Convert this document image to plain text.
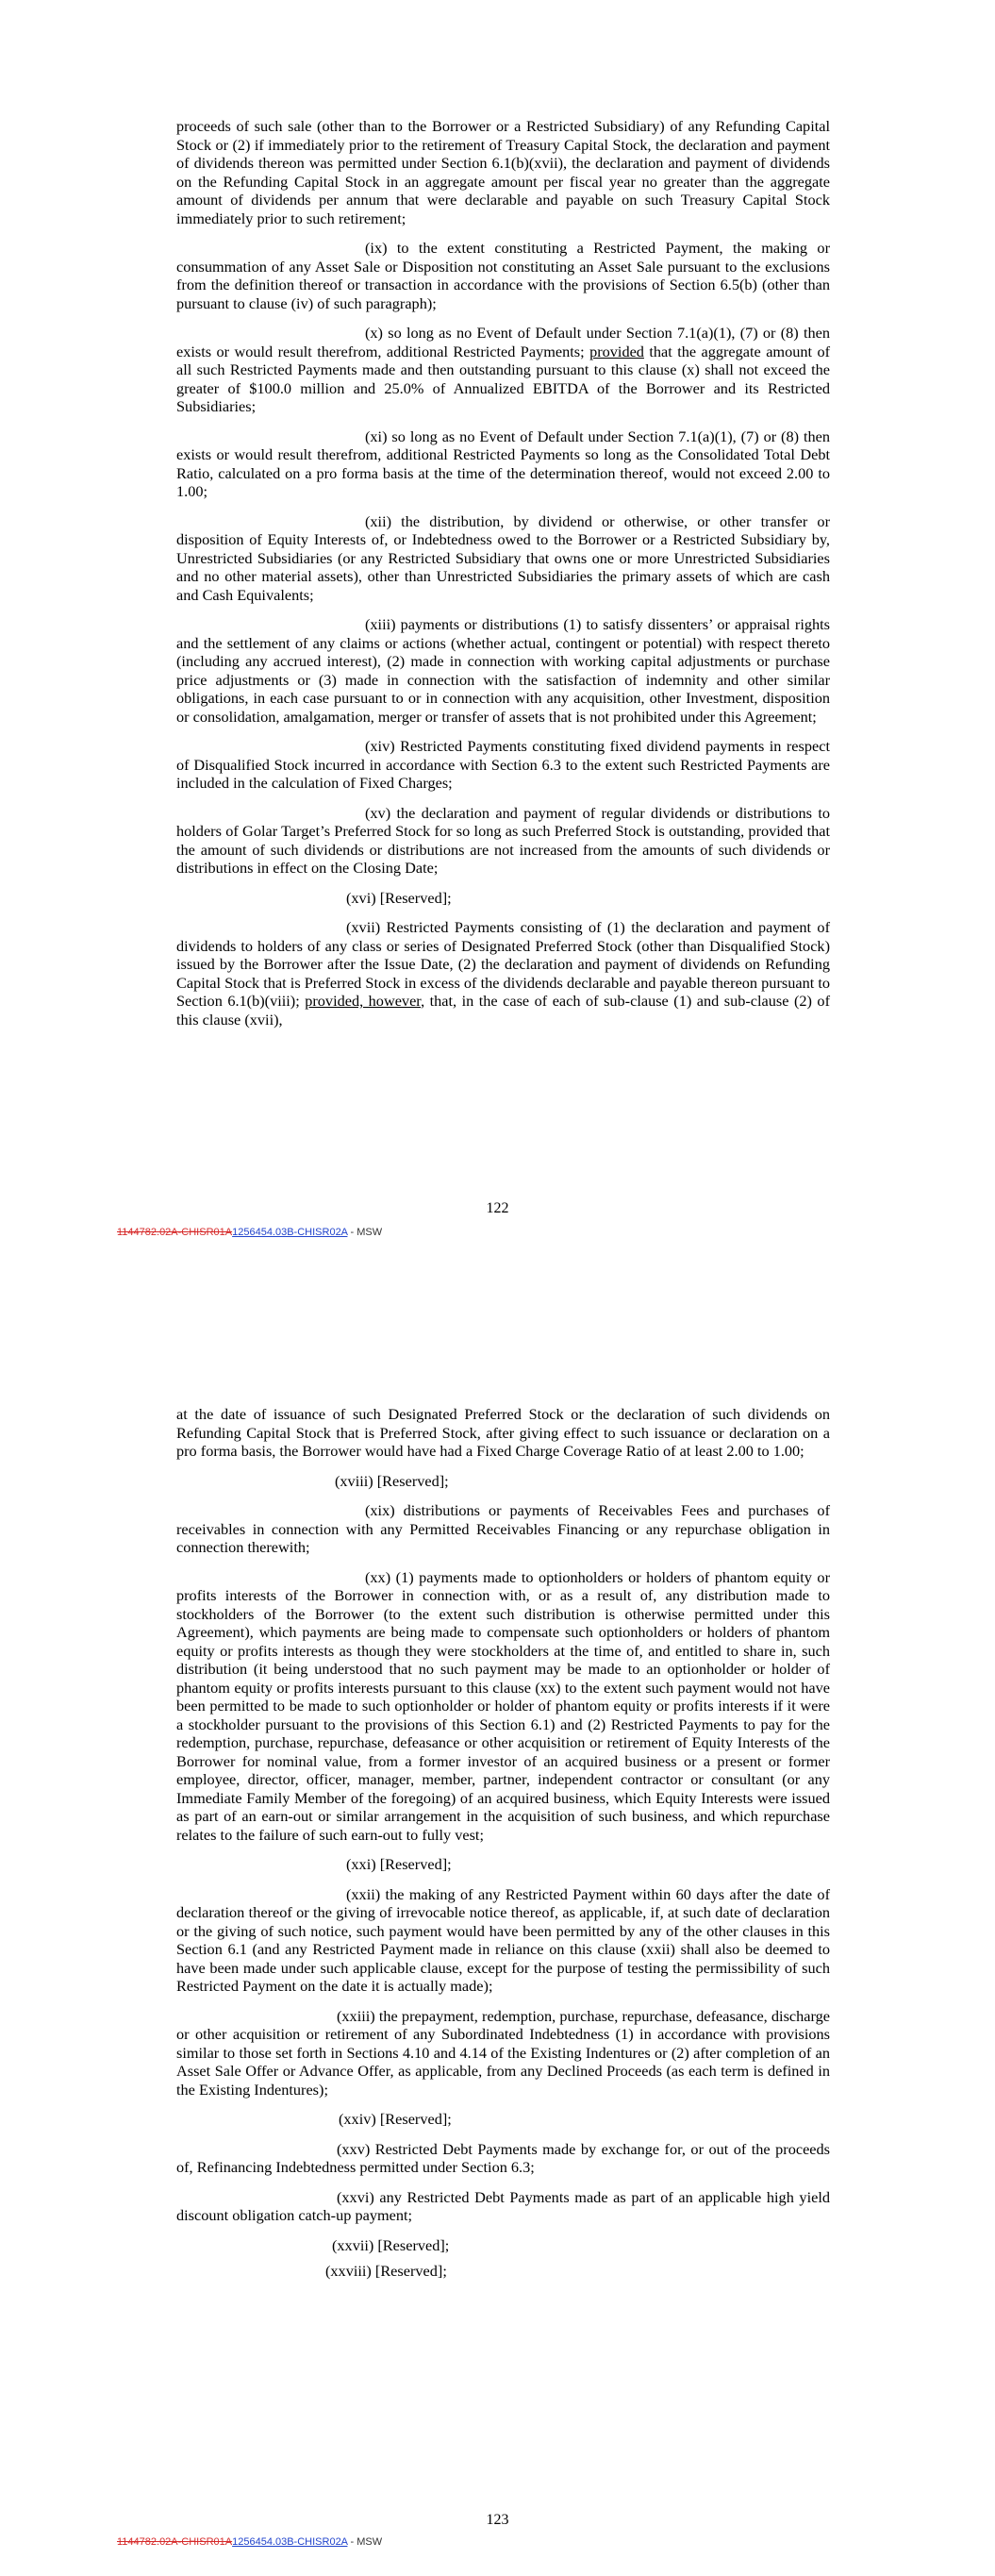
proceeds of such sale (other than to the Borrower or a Restricted Subsidiary) of any Refunding Capital Stock or (2) if immediately prior to the retirement of Treasury Capital Stock, the declaration and payment of dividends thereon was permitted under Section 6.1(b)(xvii), the declaration and payment of dividends on the Refunding Capital Stock in an aggregate amount per fiscal year no greater than the aggregate amount of dividends per annum that were declarable and payable on such Treasury Capital Stock immediately prior to such retirement;

(ix) to the extent constituting a Restricted Payment, the making or consummation of any Asset Sale or Disposition not constituting an Asset Sale pursuant to the exclusions from the definition thereof or transaction in accordance with the provisions of Section 6.5(b) (other than pursuant to clause (iv) of such paragraph);

(x) so long as no Event of Default under Section 7.1(a)(1), (7) or (8) then exists or would result therefrom, additional Restricted Payments; provided that the aggregate amount of all such Restricted Payments made and then outstanding pursuant to this clause (x) shall not exceed the greater of $100.0 million and 25.0% of Annualized EBITDA of the Borrower and its Restricted Subsidiaries;

(xi) so long as no Event of Default under Section 7.1(a)(1), (7) or (8) then exists or would result therefrom, additional Restricted Payments so long as the Consolidated Total Debt Ratio, calculated on a pro forma basis at the time of the determination thereof, would not exceed 2.00 to 1.00;

(xii) the distribution, by dividend or otherwise, or other transfer or disposition of Equity Interests of, or Indebtedness owed to the Borrower or a Restricted Subsidiary by, Unrestricted Subsidiaries (or any Restricted Subsidiary that owns one or more Unrestricted Subsidiaries and no other material assets), other than Unrestricted Subsidiaries the primary assets of which are cash and Cash Equivalents;

(xiii) payments or distributions (1) to satisfy dissenters’ or appraisal rights and the settlement of any claims or actions (whether actual, contingent or potential) with respect thereto (including any accrued interest), (2) made in connection with working capital adjustments or purchase price adjustments or (3) made in connection with the satisfaction of indemnity and other similar obligations, in each case pursuant to or in connection with any acquisition, other Investment, disposition or consolidation, amalgamation, merger or transfer of assets that is not prohibited under this Agreement;

(xiv) Restricted Payments constituting fixed dividend payments in respect of Disqualified Stock incurred in accordance with Section 6.3 to the extent such Restricted Payments are included in the calculation of Fixed Charges;

(xv) the declaration and payment of regular dividends or distributions to holders of Golar Target’s Preferred Stock for so long as such Preferred Stock is outstanding, provided that the amount of such dividends or distributions are not increased from the amounts of such dividends or distributions in effect on the Closing Date;

(xvi) [Reserved];

(xvii) Restricted Payments consisting of (1) the declaration and payment of dividends to holders of any class or series of Designated Preferred Stock (other than Disqualified Stock) issued by the Borrower after the Issue Date, (2) the declaration and payment of dividends on Refunding Capital Stock that is Preferred Stock in excess of the dividends declarable and payable thereon pursuant to Section 6.1(b)(viii); provided, however, that, in the case of each of sub-clause (1) and sub-clause (2) of this clause (xvii),

122
1144782.02A-CHISR01A1256454.03B-CHISR02A - MSW

at the date of issuance of such Designated Preferred Stock or the declaration of such dividends on Refunding Capital Stock that is Preferred Stock, after giving effect to such issuance or declaration on a pro forma basis, the Borrower would have had a Fixed Charge Coverage Ratio of at least 2.00 to 1.00;

(xviii) [Reserved];

(xix) distributions or payments of Receivables Fees and purchases of receivables in connection with any Permitted Receivables Financing or any repurchase obligation in connection therewith;

(xx) (1) payments made to optionholders or holders of phantom equity or profits interests of the Borrower in connection with, or as a result of, any distribution made to stockholders of the Borrower (to the extent such distribution is otherwise permitted under this Agreement), which payments are being made to compensate such optionholders or holders of phantom equity or profits interests as though they were stockholders at the time of, and entitled to share in, such distribution (it being understood that no such payment may be made to an optionholder or holder of phantom equity or profits interests pursuant to this clause (xx) to the extent such payment would not have been permitted to be made to such optionholder or holder of phantom equity or profits interests if it were a stockholder pursuant to the provisions of this Section 6.1) and (2) Restricted Payments to pay for the redemption, purchase, repurchase, defeasance or other acquisition or retirement of Equity Interests of the Borrower for nominal value, from a former investor of an acquired business or a present or former employee, director, officer, manager, member, partner, independent contractor or consultant (or any Immediate Family Member of the foregoing) of an acquired business, which Equity Interests were issued as part of an earn-out or similar arrangement in the acquisition of such business, and which repurchase relates to the failure of such earn-out to fully vest;

(xxi) [Reserved];

(xxii) the making of any Restricted Payment within 60 days after the date of declaration thereof or the giving of irrevocable notice thereof, as applicable, if, at such date of declaration or the giving of such notice, such payment would have been permitted by any of the other clauses in this Section 6.1 (and any Restricted Payment made in reliance on this clause (xxii) shall also be deemed to have been made under such applicable clause, except for the purpose of testing the permissibility of such Restricted Payment on the date it is actually made);

(xxiii) the prepayment, redemption, purchase, repurchase, defeasance, discharge or other acquisition or retirement of any Subordinated Indebtedness (1) in accordance with provisions similar to those set forth in Sections 4.10 and 4.14 of the Existing Indentures or (2) after completion of an Asset Sale Offer or Advance Offer, as applicable, from any Declined Proceeds (as each term is defined in the Existing Indentures);

(xxiv) [Reserved];

(xxv) Restricted Debt Payments made by exchange for, or out of the proceeds of, Refinancing Indebtedness permitted under Section 6.3;

(xxvi) any Restricted Debt Payments made as part of an applicable high yield discount obligation catch-up payment;

(xxvii) [Reserved];

(xxviii) [Reserved];

123
1144782.02A-CHISR01A1256454.03B-CHISR02A - MSW
